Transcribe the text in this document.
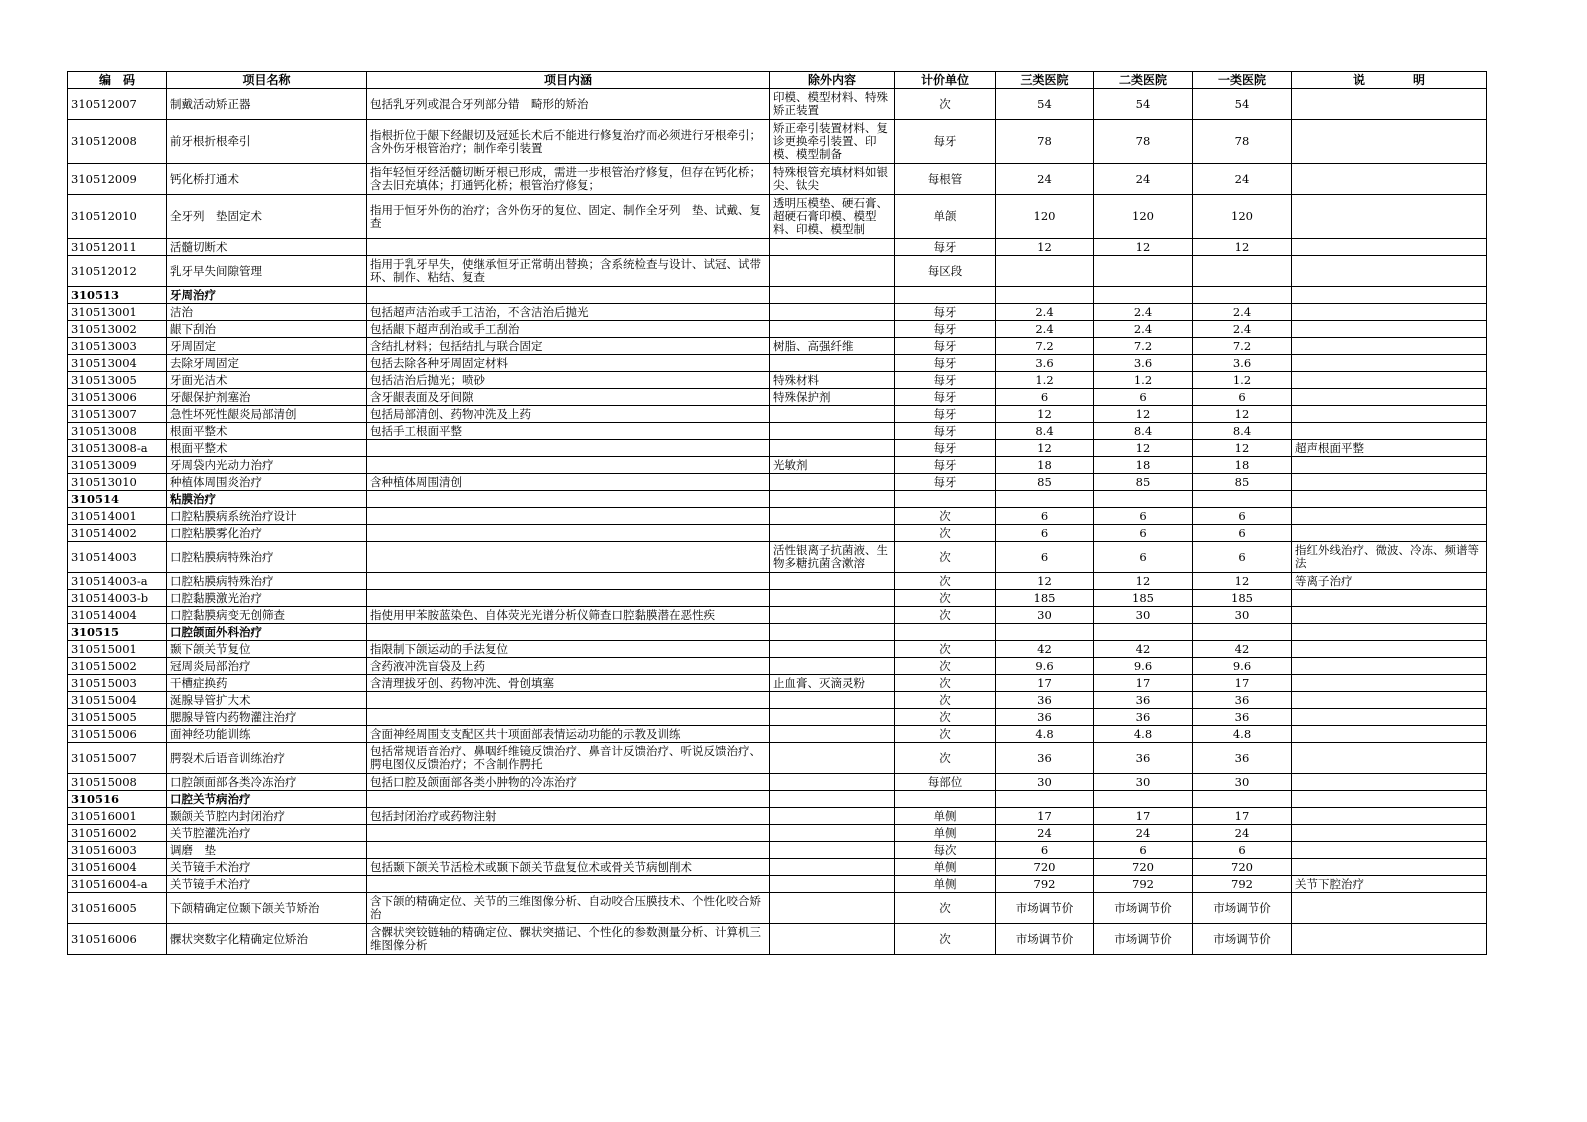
编　码	项目名称	项目内涵	除外内容	计价单位	三类医院	二类医院	一类医院	说　　　　明
310512007	制戴活动矫正器	包括乳牙列或混合牙列部分错　畸形的矫治	印模、模型材料、特殊矫正装置	次	54	54	54	
310512008	前牙根折根牵引	指根折位于龈下经龈切及冠延长术后不能进行修复治疗而必须进行牙根牵引；含外伤牙根管治疗；制作牵引装置	矫正牵引装置材料、复诊更换牵引装置、印模、模型制备	每牙	78	78	78	
310512009	钙化桥打通术	指年轻恒牙经活髓切断牙根已形成，需进一步根管治疗修复，但存在钙化桥；含去旧充填体；打通钙化桥；根管治疗修复；	特殊根管充填材料如银尖、钛尖	每根管	24	24	24	
310512010	全牙列　垫固定术	指用于恒牙外伤的治疗；含外伤牙的复位、固定、制作全牙列　垫、试戴、复查	透明压模垫、硬石膏、超硬石膏印模、模型料、印模、模型制	单颌	120	120	120	
310512011	活髓切断术			每牙	12	12	12	
310512012	乳牙早失间隙管理	指用于乳牙早失，使继承恒牙正常萌出替换；含系统检查与设计、试冠、试带环、制作、粘结、复查		每区段				
310513	牙周治疗							
310513001	洁治	包括超声洁治或手工洁治，不含洁治后抛光		每牙	2.4	2.4	2.4	
310513002	龈下刮治	包括龈下超声刮治或手工刮治		每牙	2.4	2.4	2.4	
310513003	牙周固定	含结扎材料；包括结扎与联合固定	树脂、高强纤维	每牙	7.2	7.2	7.2	
310513004	去除牙周固定	包括去除各种牙周固定材料		每牙	3.6	3.6	3.6	
310513005	牙面光洁术	包括洁治后抛光；喷砂	特殊材料	每牙	1.2	1.2	1.2	
310513006	牙龈保护剂塞治	含牙龈表面及牙间隙	特殊保护剂	每牙	6	6	6	
310513007	急性坏死性龈炎局部清创	包括局部清创、药物冲洗及上药		每牙	12	12	12	
310513008	根面平整术	包括手工根面平整		每牙	8.4	8.4	8.4	
310513008-a	根面平整术			每牙	12	12	12	超声根面平整
310513009	牙周袋内光动力治疗		光敏剂	每牙	18	18	18	
310513010	种植体周围炎治疗	含种植体周围清创		每牙	85	85	85	
310514	粘膜治疗							
310514001	口腔粘膜病系统治疗设计			次	6	6	6	
310514002	口腔粘膜雾化治疗			次	6	6	6	
310514003	口腔粘膜病特殊治疗		活性银离子抗菌液、生物多糖抗菌含漱溶	次	6	6	6	指红外线治疗、微波、冷冻、频谱等法
310514003-a	口腔粘膜病特殊治疗			次	12	12	12	等离子治疗
310514003-b	口腔黏膜激光治疗			次	185	185	185	
310514004	口腔黏膜病变无创筛查	指使用甲苯胺蓝染色、自体荧光光谱分析仪筛查口腔黏膜潜在恶性疾		次	30	30	30	
310515	口腔颌面外科治疗							
310515001	颞下颌关节复位	指限制下颌运动的手法复位		次	42	42	42	
310515002	冠周炎局部治疗	含药液冲洗盲袋及上药		次	9.6	9.6	9.6	
310515003	干槽症换药	含清理拔牙创、药物冲洗、骨创填塞	止血膏、灭滴灵粉	次	17	17	17	
310515004	涎腺导管扩大术			次	36	36	36	
310515005	腮腺导管内药物灌注治疗			次	36	36	36	
310515006	面神经功能训练	含面神经周围支支配区共十项面部表情运动功能的示教及训练		次	4.8	4.8	4.8	
310515007	腭裂术后语音训练治疗	包括常规语音治疗、鼻咽纤维镜反馈治疗、鼻音计反馈治疗、听说反馈治疗、腭电图仪反馈治疗；不含制作腭托		次	36	36	36	
310515008	口腔颌面部各类冷冻治疗	包括口腔及颌面部各类小肿物的冷冻治疗		每部位	30	30	30	
310516	口腔关节病治疗							
310516001	颞颌关节腔内封闭治疗	包括封闭治疗或药物注射		单侧	17	17	17	
310516002	关节腔灌洗治疗			单侧	24	24	24	
310516003	调磨　垫			每次	6	6	6	
310516004	关节镜手术治疗	包括颞下颌关节活检术或颞下颌关节盘复位术或骨关节病刨削术		单侧	720	720	720	
310516004-a	关节镜手术治疗			单侧	792	792	792	关节下腔治疗
310516005	下颌精确定位颞下颌关节矫治	含下颌的精确定位、关节的三维图像分析、自动咬合压膜技术、个性化咬合矫治		次	市场调节价	市场调节价	市场调节价	
310516006	髁状突数字化精确定位矫治	含髁状突铰链轴的精确定位、髁状突描记、个性化的参数测量分析、计算机三维图像分析		次	市场调节价	市场调节价	市场调节价	
